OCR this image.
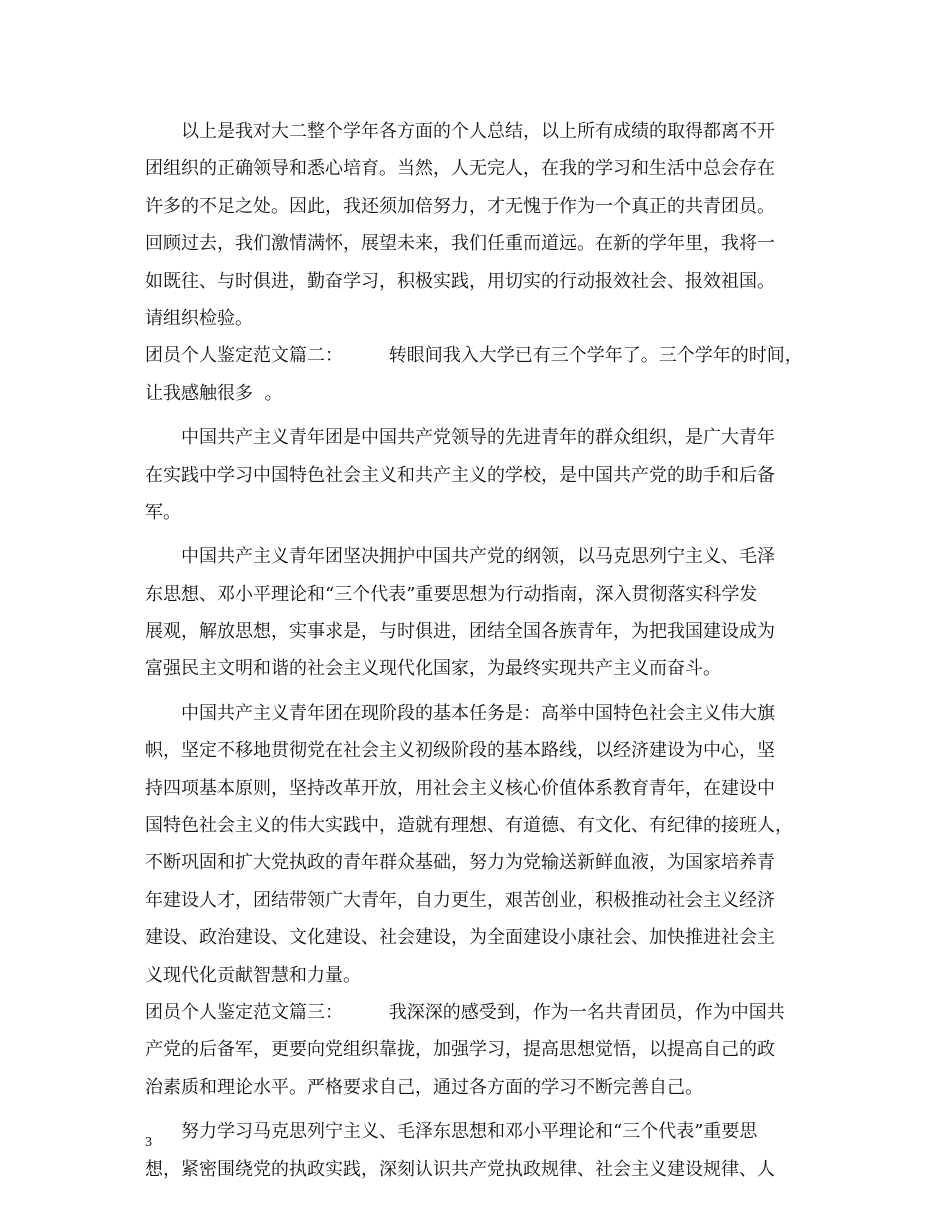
以上是我对大二整个学年各方面的个人总结，以上所有成绩的取得都离不开
团组织的正确领导和悉心培育。当然，人无完人，在我的学习和生活中总会存在
许多的不足之处。因此，我还须加倍努力，才无愧于作为一个真正的共青团员。
回顾过去，我们激情满怀，展望未来，我们任重而道远。在新的学年里，我将一
如既往、与时俱进，勤奋学习，积极实践，用切实的行动报效社会、报效祖国。
请组织检验。
团员个人鉴定范文篇二：        转眼间我入大学已有三个学年了。三个学年的时间，
让我感触很多  。
中国共产主义青年团是中国共产党领导的先进青年的群众组织，是广大青年
在实践中学习中国特色社会主义和共产主义的学校，是中国共产党的助手和后备
军。
中国共产主义青年团坚决拥护中国共产党的纲领，以马克思列宁主义、毛泽
东思想、邓小平理论和“三个代表”重要思想为行动指南，深入贯彻落实科学发
展观，解放思想，实事求是，与时俱进，团结全国各族青年，为把我国建设成为
富强民主文明和谐的社会主义现代化国家，为最终实现共产主义而奋斗。
中国共产主义青年团在现阶段的基本任务是：高举中国特色社会主义伟大旗
帜，坚定不移地贯彻党在社会主义初级阶段的基本路线，以经济建设为中心，坚
持四项基本原则，坚持改革开放，用社会主义核心价值体系教育青年，在建设中
国特色社会主义的伟大实践中，造就有理想、有道德、有文化、有纪律的接班人，
不断巩固和扩大党执政的青年群众基础，努力为党输送新鲜血液，为国家培养青
年建设人才，团结带领广大青年，自力更生，艰苦创业，积极推动社会主义经济
建设、政治建设、文化建设、社会建设，为全面建设小康社会、加快推进社会主
义现代化贡献智慧和力量。
团员个人鉴定范文篇三：        我深深的感受到，作为一名共青团员，作为中国共
产党的后备军，更要向党组织靠拢，加强学习，提高思想觉悟，以提高自己的政
治素质和理论水平。严格要求自己，通过各方面的学习不断完善自己。
努力学习马克思列宁主义、毛泽东思想和邓小平理论和“三个代表”重要思
想，紧密围绕党的执政实践，深刻认识共产党执政规律、社会主义建设规律、人
3
